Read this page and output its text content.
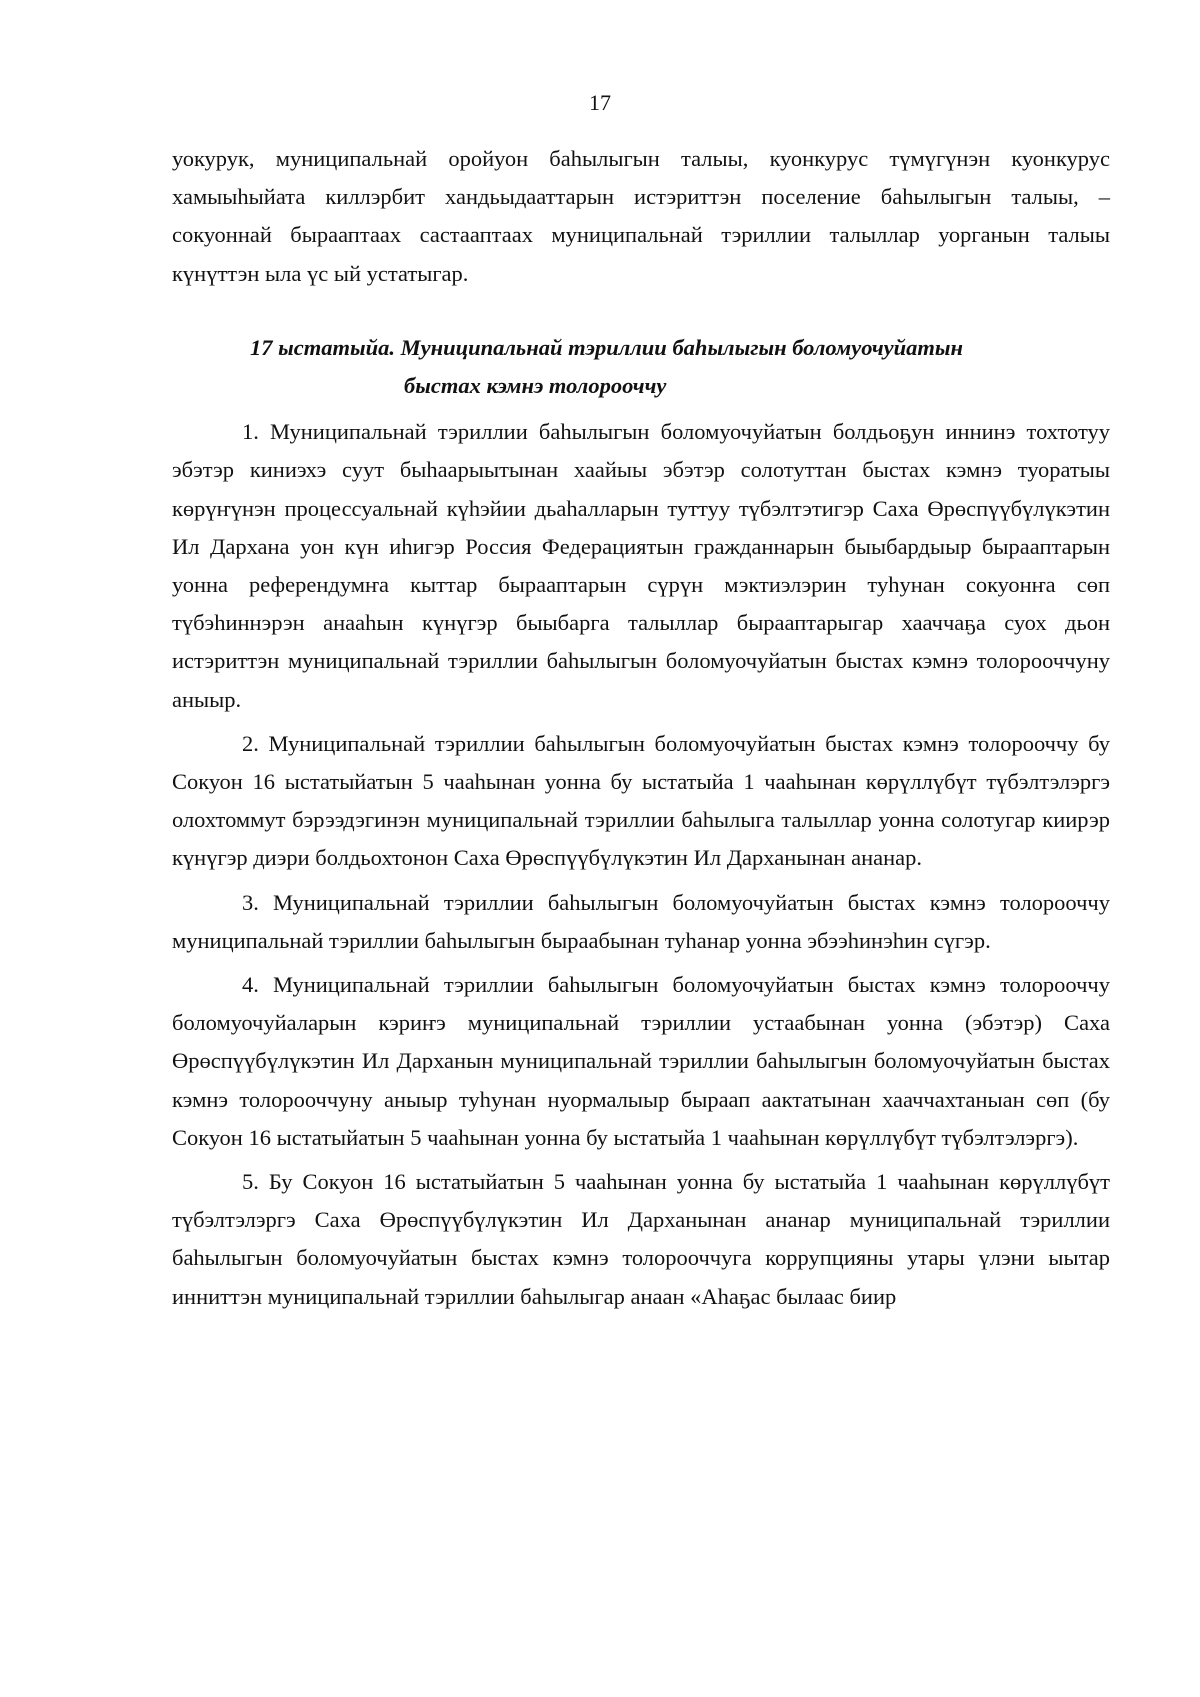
17

уокурук, муниципальнай оройуон баһылыгын талыы, куонкурус түмүгүнэн куонкурус хамыыһыйата киллэрбит хандьыдааттарын истэриттэн поселение баһылыгын талыы, – сокуоннай бырааптаах састааптаах муниципальнай тэриллии талыллар уорганын талыы күнүттэн ыла үс ый устатыгар.

17 ыстатыйа. Муниципальнай тэриллии баһылыгын боломуочуйатын
быстах кэмнэ толорооччу

1. Муниципальнай тэриллии баһылыгын боломуочуйатын болдьоҕун иннинэ тохтотуу эбэтэр киниэхэ суут быһаарыытынан хаайыы эбэтэр солотуттан быстах кэмнэ туоратыы көрүҥүнэн процессуальнай күһэйии дьаһалларын туттуу түбэлтэтигэр Саха Өрөспүүбүлүкэтин Ил Дархана уон күн иһигэр Россия Федерациятын гражданнарын быыбардыыр бырааптарын уонна референдумҥа кыттар бырааптарын сүрүн мэктиэлэрин туһунан сокуонҥа сөп түбэһиннэрэн анааһын күнүгэр быыбарга талыллар бырааптарыгар хааччаҕа суох дьон истэриттэн муниципальнай тэриллии баһылыгын боломуочуйатын быстах кэмнэ толорооччуну аныыр.

2. Муниципальнай тэриллии баһылыгын боломуочуйатын быстах кэмнэ толорооччу бу Сокуон 16 ыстатыйатын 5 чааһынан уонна бу ыстатыйа 1 чааһынан көрүллүбүт түбэлтэлэргэ олохтоммут бэрээдэгинэн муниципальнай тэриллии баһылыга талыллар уонна солотугар киирэр күнүгэр диэри болдьохтонон Саха Өрөспүүбүлүкэтин Ил Дарханынан ананар.

3. Муниципальнай тэриллии баһылыгын боломуочуйатын быстах кэмнэ толорооччу муниципальнай тэриллии баһылыгын быраабынан туһанар уонна эбээһинэһин сүгэр.

4. Муниципальнай тэриллии баһылыгын боломуочуйатын быстах кэмнэ толорооччу боломуочуйаларын кэриҥэ муниципальнай тэриллии устаабынан уонна (эбэтэр) Саха Өрөспүүбүлүкэтин Ил Дарханын муниципальнай тэриллии баһылыгын боломуочуйатын быстах кэмнэ толорооччуну аныыр туһунан нуормалыыр быраап аактатынан хааччахтаныан сөп (бу Сокуон 16 ыстатыйатын 5 чааһынан уонна бу ыстатыйа 1 чааһынан көрүллүбүт түбэлтэлэргэ).

5. Бу Сокуон 16 ыстатыйатын 5 чааһынан уонна бу ыстатыйа 1 чааһынан көрүллүбүт түбэлтэлэргэ Саха Өрөспүүбүлүкэтин Ил Дарханынан ананар муниципальнай тэриллии баһылыгын боломуочуйатын быстах кэмнэ толорооччуга коррупцияны утары үлэни ыытар инниттэн муниципальнай тэриллии баһылыгар анаан «Аһаҕас былаас биир
